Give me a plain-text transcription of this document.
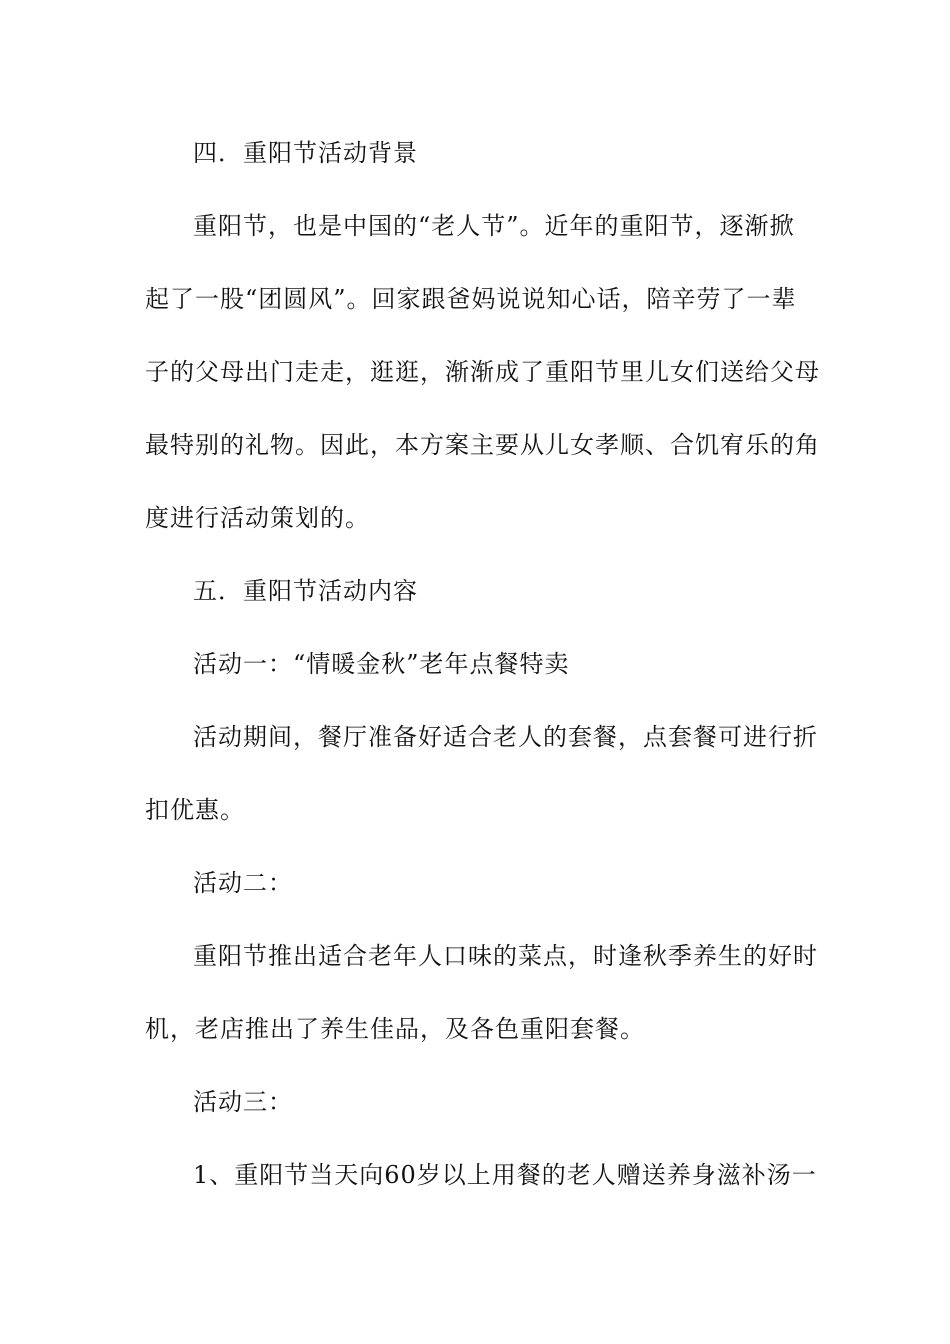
四．重阳节活动背景
重阳节，也是中国的“老人节”。近年的重阳节，逐渐掀
起了一股“团圆风”。回家跟爸妈说说知心话，陪辛劳了一辈
子的父母出门走走，逛逛，渐渐成了重阳节里儿女们送给父母
最特别的礼物。因此，本方案主要从儿女孝顺、合饥宥乐的角
度进行活动策划的。
五．重阳节活动内容
活动一：“情暖金秋”老年点餐特卖
活动期间，餐厅准备好适合老人的套餐，点套餐可进行折
扣优惠。
活动二：
重阳节推出适合老年人口味的菜点，时逢秋季养生的好时
机，老店推出了养生佳品，及各色重阳套餐。
活动三：
1、重阳节当天向60岁以上用餐的老人赠送养身滋补汤一
